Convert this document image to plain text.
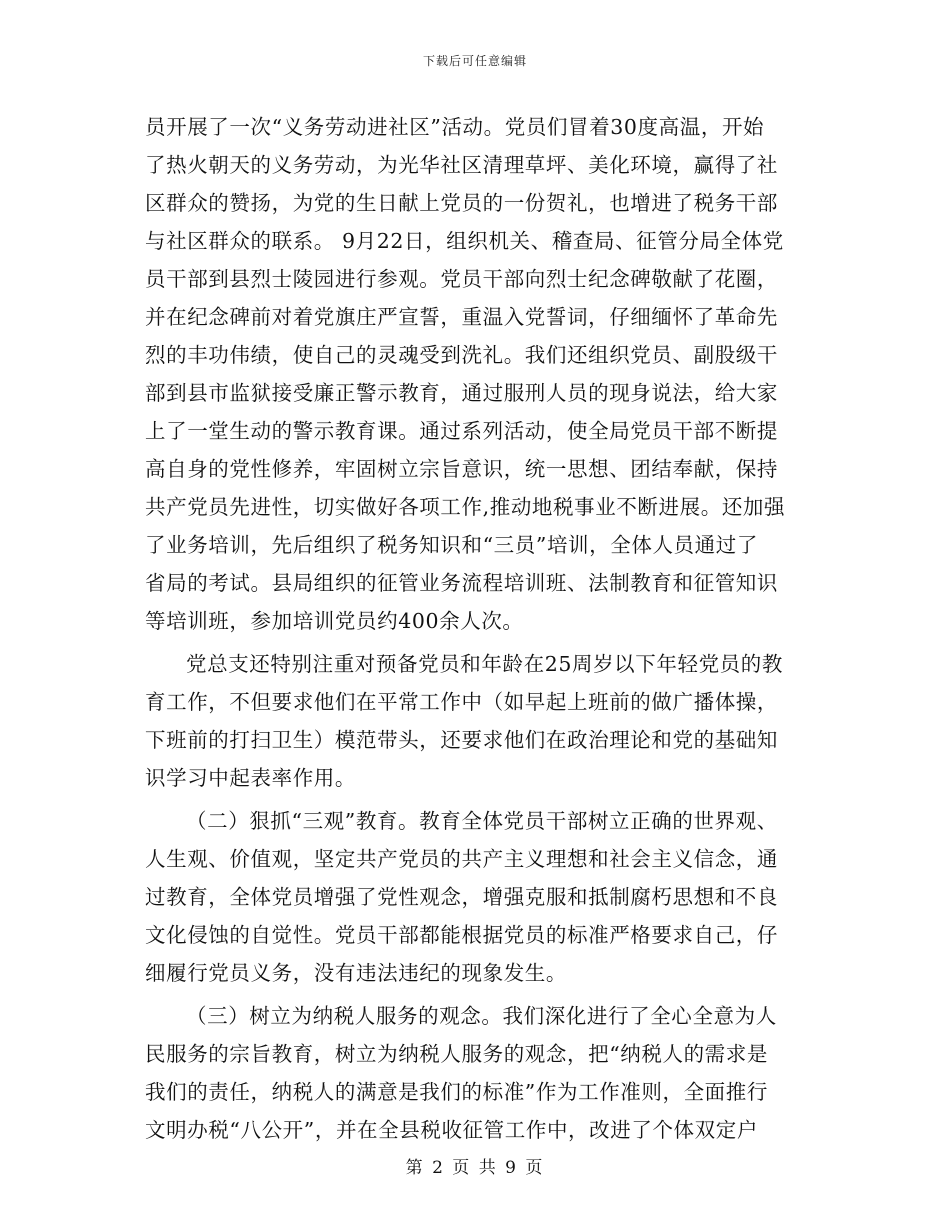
下载后可任意编辑
员开展了一次“义务劳动进社区”活动。党员们冒着30度高温，开始
了热火朝天的义务劳动，为光华社区清理草坪、美化环境，赢得了社
区群众的赞扬，为党的生日献上党员的一份贺礼，也增进了税务干部
与社区群众的联系。 9月22日，组织机关、稽查局、征管分局全体党
员干部到县烈士陵园进行参观。党员干部向烈士纪念碑敬献了花圈，
并在纪念碑前对着党旗庄严宣誓，重温入党誓词，仔细缅怀了革命先
烈的丰功伟绩，使自己的灵魂受到洗礼。我们还组织党员、副股级干
部到县市监狱接受廉正警示教育，通过服刑人员的现身说法，给大家
上了一堂生动的警示教育课。通过系列活动，使全局党员干部不断提
高自身的党性修养，牢固树立宗旨意识，统一思想、团结奉献，保持
共产党员先进性，切实做好各项工作,推动地税事业不断进展。还加强
了业务培训，先后组织了税务知识和“三员”培训，全体人员通过了
省局的考试。县局组织的征管业务流程培训班、法制教育和征管知识
等培训班，参加培训党员约400余人次。
党总支还特别注重对预备党员和年龄在25周岁以下年轻党员的教
育工作，不但要求他们在平常工作中（如早起上班前的做广播体操，
下班前的打扫卫生）模范带头，还要求他们在政治理论和党的基础知
识学习中起表率作用。
（二）狠抓“三观”教育。教育全体党员干部树立正确的世界观、
人生观、价值观，坚定共产党员的共产主义理想和社会主义信念，通
过教育，全体党员增强了党性观念，增强克服和抵制腐朽思想和不良
文化侵蚀的自觉性。党员干部都能根据党员的标准严格要求自己，仔
细履行党员义务，没有违法违纪的现象发生。
（三）树立为纳税人服务的观念。我们深化进行了全心全意为人
民服务的宗旨教育，树立为纳税人服务的观念，把“纳税人的需求是
我们的责任，纳税人的满意是我们的标准”作为工作准则，全面推行
文明办税“八公开”，并在全县税收征管工作中，改进了个体双定户
第 2 页 共 9 页
